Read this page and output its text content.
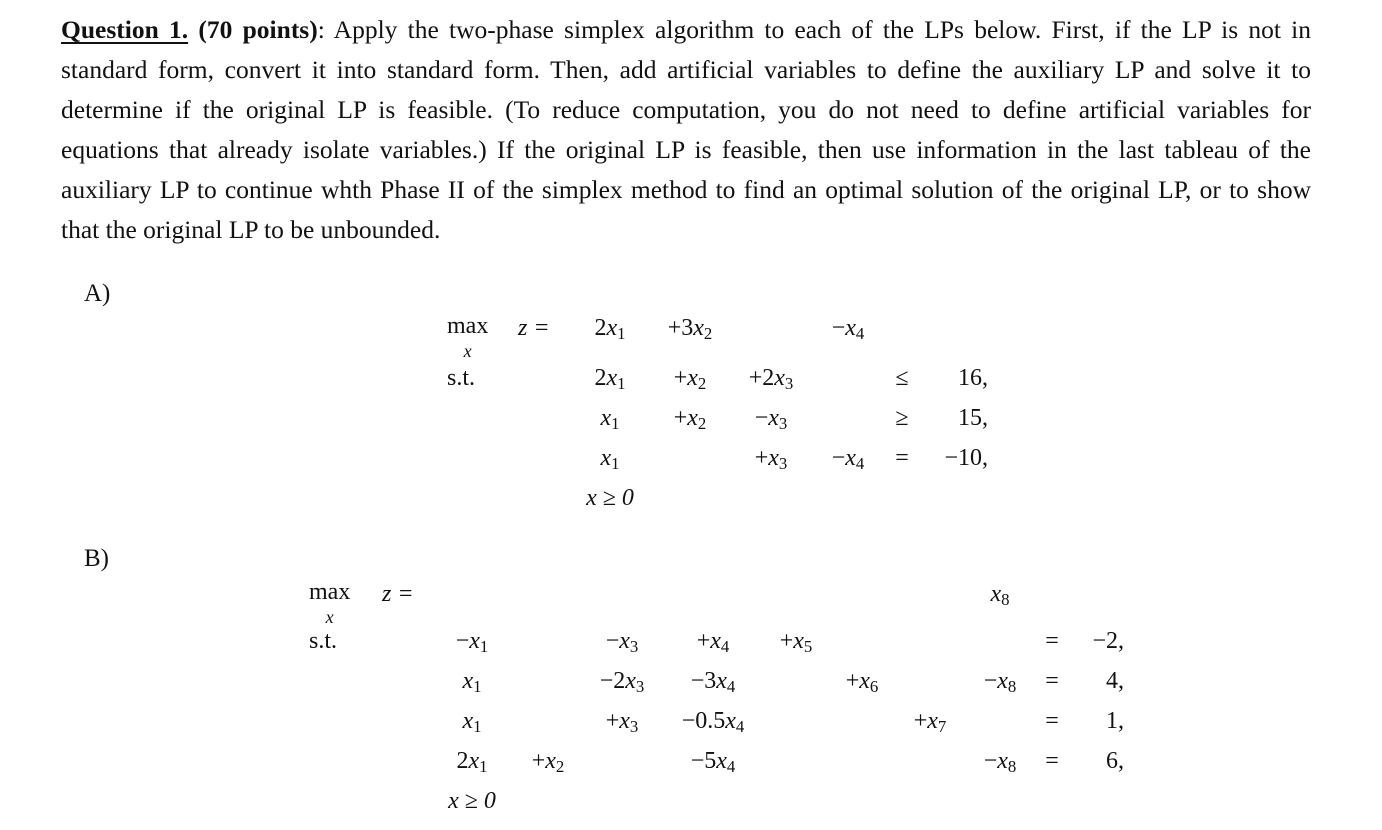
Question 1. (70 points): Apply the two-phase simplex algorithm to each of the LPs below. First, if the LP is not in standard form, convert it into standard form. Then, add artificial variables to define the auxiliary LP and solve it to determine if the original LP is feasible. (To reduce computation, you do not need to define artificial variables for equations that already isolate variables.) If the original LP is feasible, then use information in the last tableau of the auxiliary LP to continue whth Phase II of the simplex method to find an optimal solution of the original LP, or to show that the original LP to be unbounded.
A)
max
x
z =
s.t.
x ≥ 0
2x1 +3x2	−x4
2x1 +x2 +2x3	≤ 16,
x1 +x2 −x3	≥ 15,
x1	+x3 −x4 = −10,
B)
max
x
z =
s.t.
x ≥ 0
x8
−x1	−x3 +x4 +x5	= −2,
x1	−2x3 −3x4	+x6	−x8 = 4,
x1	+x3 −0.5x4	+x7	= 1,
2x1 +x2	−5x4	−x8 = 6,
